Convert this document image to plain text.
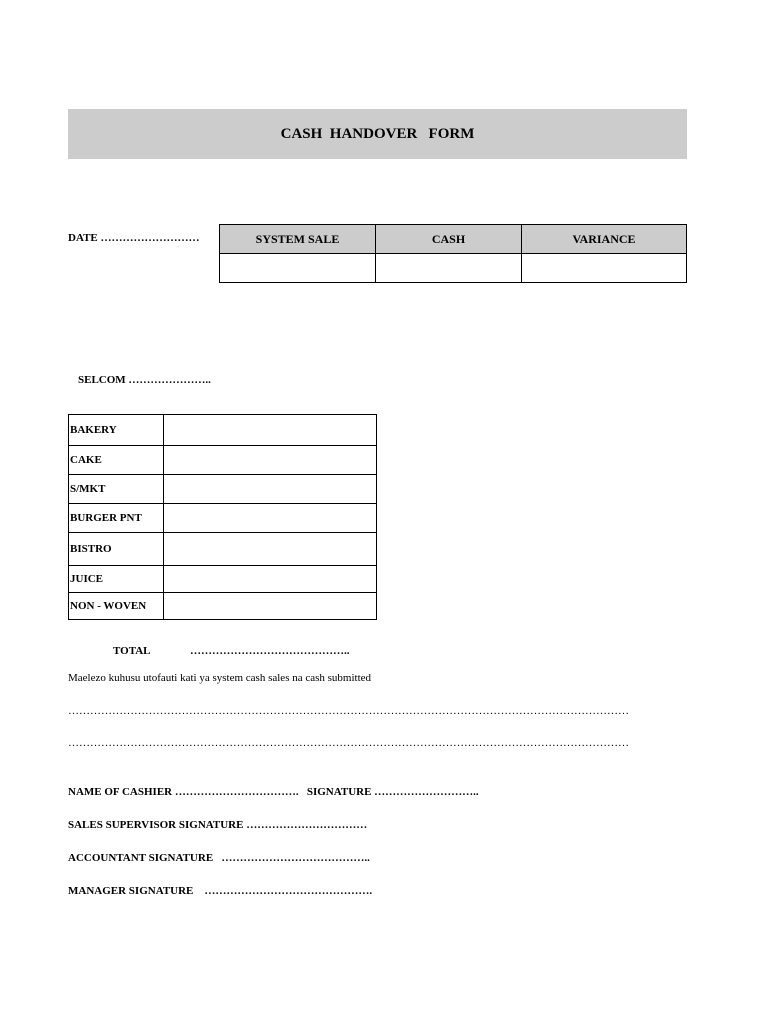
CASH  HANDOVER   FORM
DATE ………………………	SYSTEM SALE	CASH	VARIANCE

SELCOM …………………..
BAKERY	
CAKE	
S/MKT	
BURGER PNT	
BISTRO	
JUICE	
NON - WOVEN	
TOTAL	……………………………………..
Maelezo kuhusu utofauti kati ya system cash sales na cash submitted
………………………………………………………………………………………………………………………………………
………………………………………………………………………………………………………………………………………
NAME OF CASHIER …………………………….   SIGNATURE ………………………..
SALES SUPERVISOR SIGNATURE ……………………………
ACCOUNTANT SIGNATURE   …………………………………..
MANAGER SIGNATURE    ……………………………………….
